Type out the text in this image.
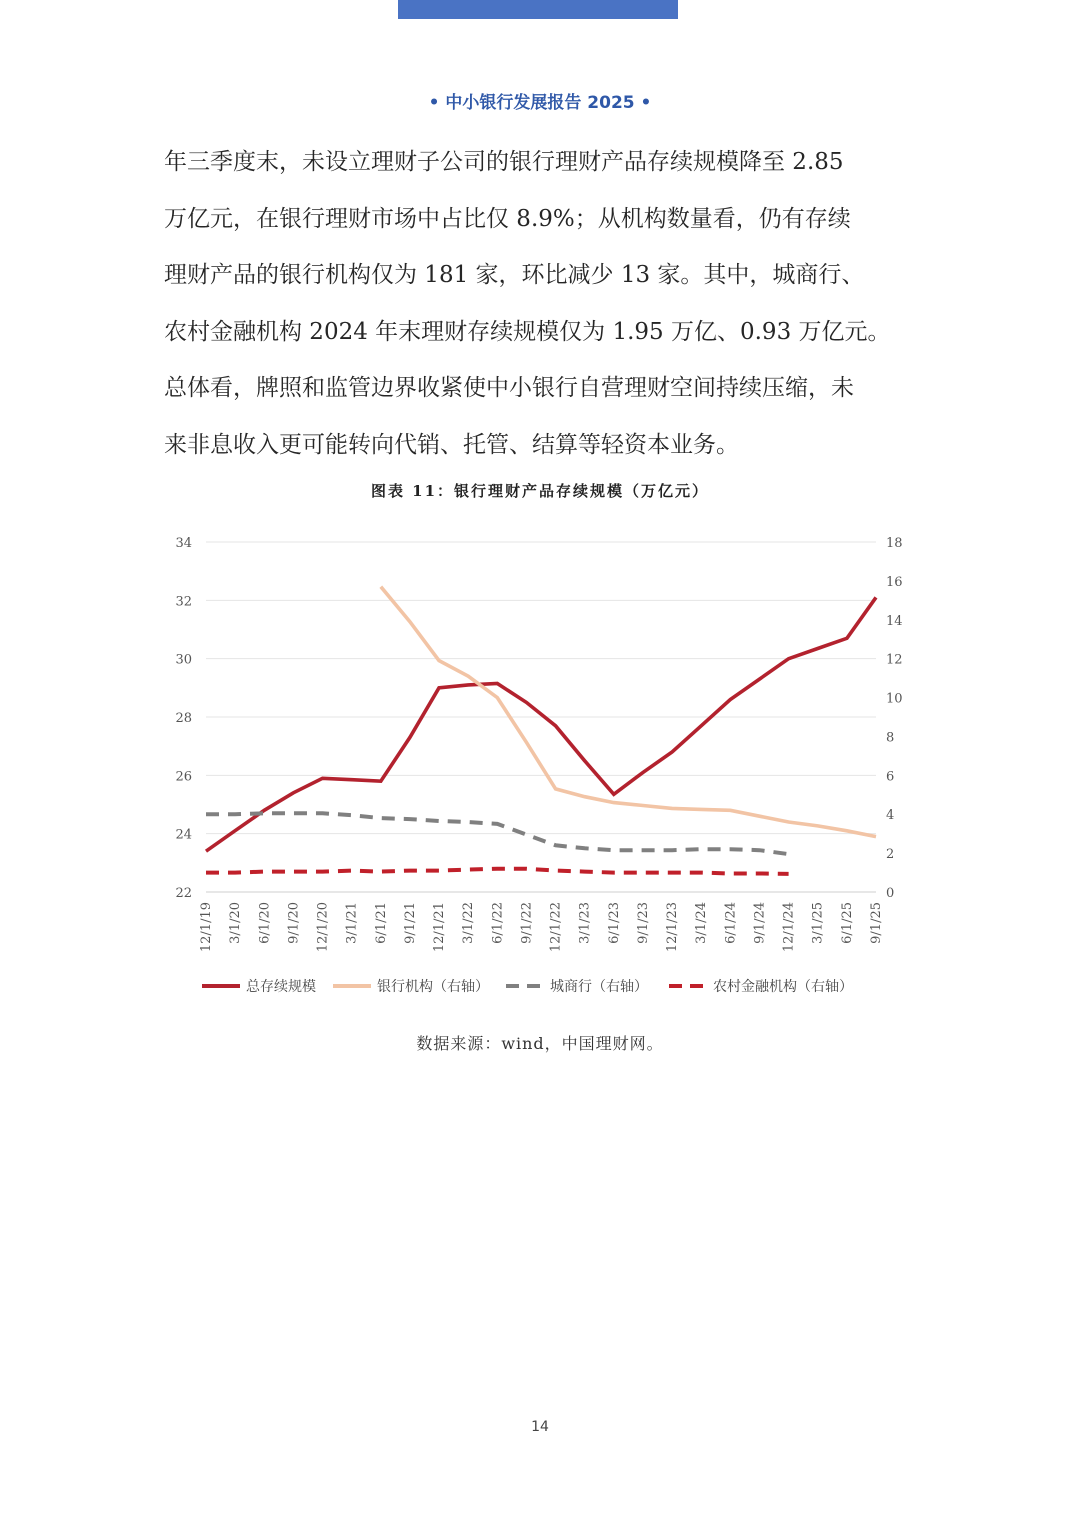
• 中小银行发展报告 2025 •

年三季度末，未设立理财子公司的银行理财产品存续规模降至 2.85

万亿元，在银行理财市场中占比仅 8.9%；从机构数量看，仍有存续

理财产品的银行机构仅为 181 家，环比减少 13 家。其中，城商行、

农村金融机构 2024 年末理财存续规模仅为 1.95 万亿、0.93 万亿元。

总体看，牌照和监管边界收紧使中小银行自营理财空间持续压缩，未

来非息收入更可能转向代销、托管、结算等轻资本业务。

图表 11：银行理财产品存续规模（万亿元）
22
24
26
28
30
32
34
0
2
4
6
8
10
12
14
16
18
12/1/19 3/1/20 6/1/20 9/1/20 12/1/20 3/1/21 6/1/21 9/1/21 12/1/21 3/1/22 6/1/22 9/1/22 12/1/22 3/1/23 6/1/23 9/1/23 12/1/23 3/1/24 6/1/24 9/1/24 12/1/24 3/1/25 6/1/25 9/1/25
总存续规模	银行机构（右轴）	城商行（右轴）	农村金融机构（右轴）
数据来源：wind，中国理财网。
14
